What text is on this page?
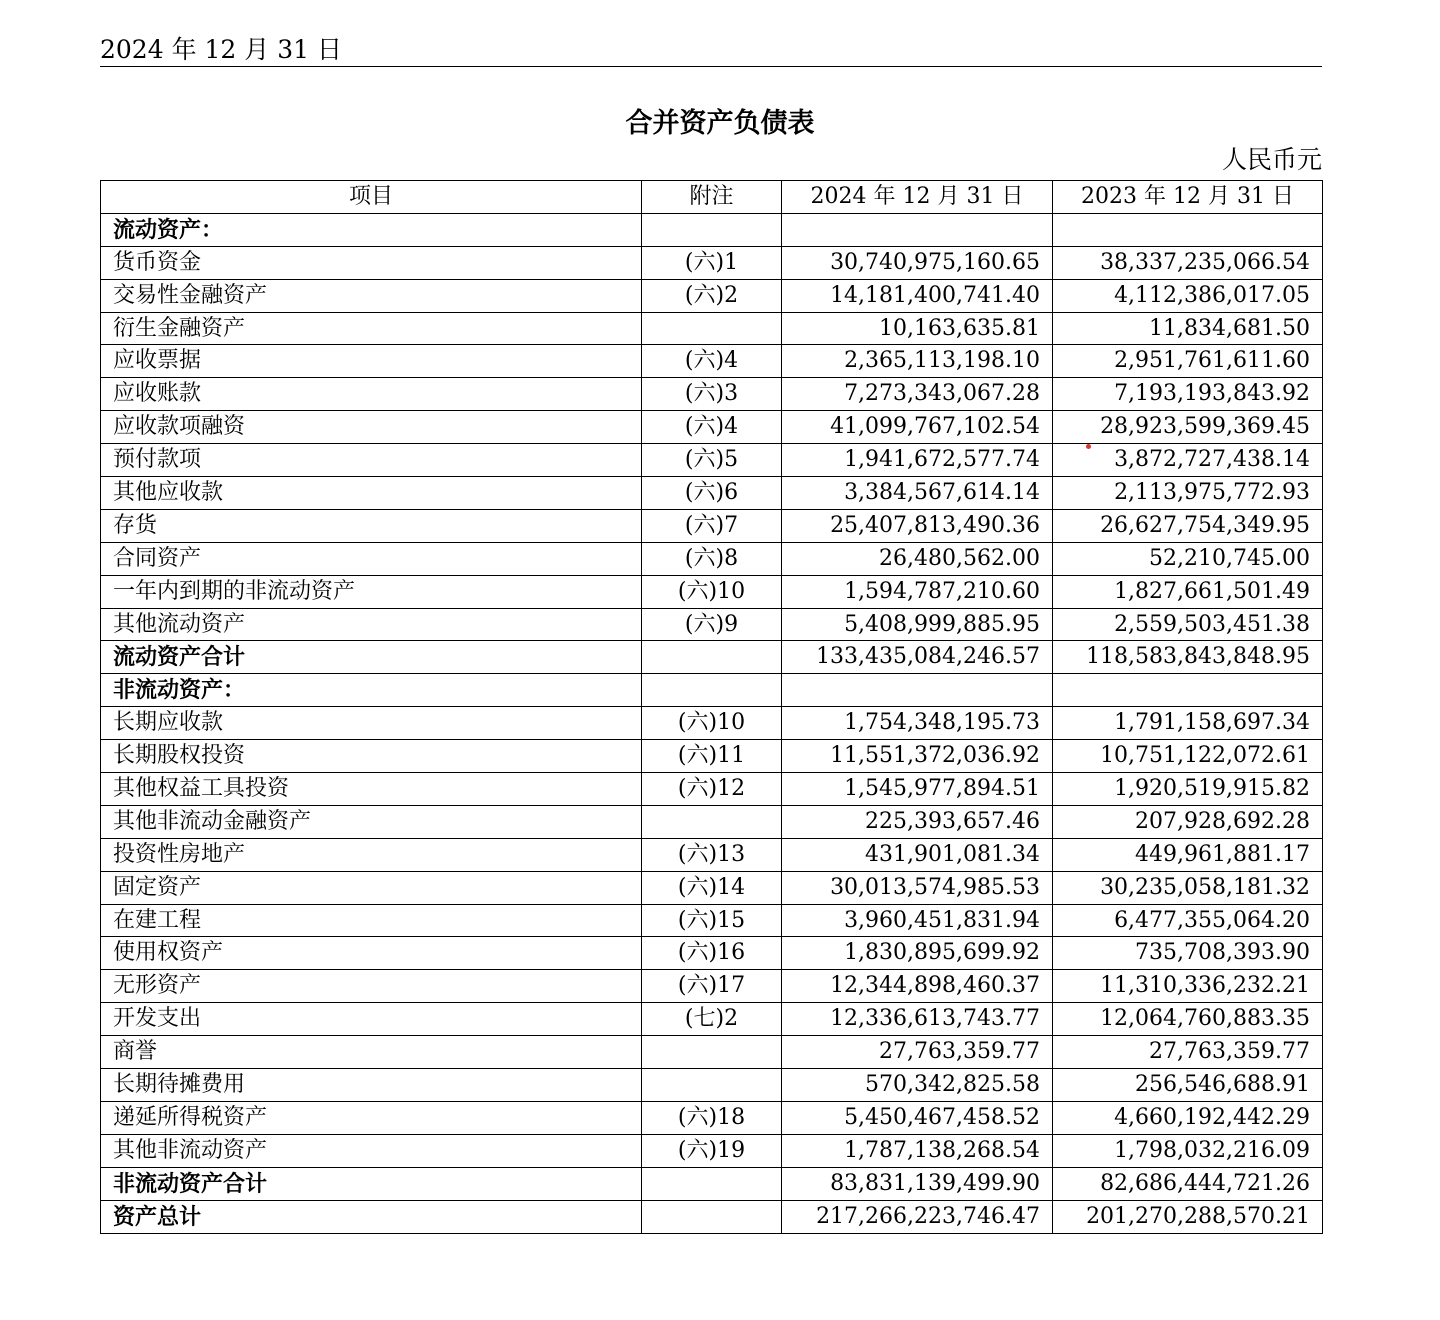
2024 年 12 月 31 日
合并资产负债表
人民币元
项目	附注	2024 年 12 月 31 日	2023 年 12 月 31 日
流动资产：			
货币资金	(六)1	30,740,975,160.65	38,337,235,066.54
交易性金融资产	(六)2	14,181,400,741.40	4,112,386,017.05
衍生金融资产		10,163,635.81	11,834,681.50
应收票据	(六)4	2,365,113,198.10	2,951,761,611.60
应收账款	(六)3	7,273,343,067.28	7,193,193,843.92
应收款项融资	(六)4	41,099,767,102.54	28,923,599,369.45
预付款项	(六)5	1,941,672,577.74	3,872,727,438.14
其他应收款	(六)6	3,384,567,614.14	2,113,975,772.93
存货	(六)7	25,407,813,490.36	26,627,754,349.95
合同资产	(六)8	26,480,562.00	52,210,745.00
一年内到期的非流动资产	(六)10	1,594,787,210.60	1,827,661,501.49
其他流动资产	(六)9	5,408,999,885.95	2,559,503,451.38
流动资产合计		133,435,084,246.57	118,583,843,848.95
非流动资产：			
长期应收款	(六)10	1,754,348,195.73	1,791,158,697.34
长期股权投资	(六)11	11,551,372,036.92	10,751,122,072.61
其他权益工具投资	(六)12	1,545,977,894.51	1,920,519,915.82
其他非流动金融资产		225,393,657.46	207,928,692.28
投资性房地产	(六)13	431,901,081.34	449,961,881.17
固定资产	(六)14	30,013,574,985.53	30,235,058,181.32
在建工程	(六)15	3,960,451,831.94	6,477,355,064.20
使用权资产	(六)16	1,830,895,699.92	735,708,393.90
无形资产	(六)17	12,344,898,460.37	11,310,336,232.21
开发支出	(七)2	12,336,613,743.77	12,064,760,883.35
商誉		27,763,359.77	27,763,359.77
长期待摊费用		570,342,825.58	256,546,688.91
递延所得税资产	(六)18	5,450,467,458.52	4,660,192,442.29
其他非流动资产	(六)19	1,787,138,268.54	1,798,032,216.09
非流动资产合计		83,831,139,499.90	82,686,444,721.26
资产总计		217,266,223,746.47	201,270,288,570.21
